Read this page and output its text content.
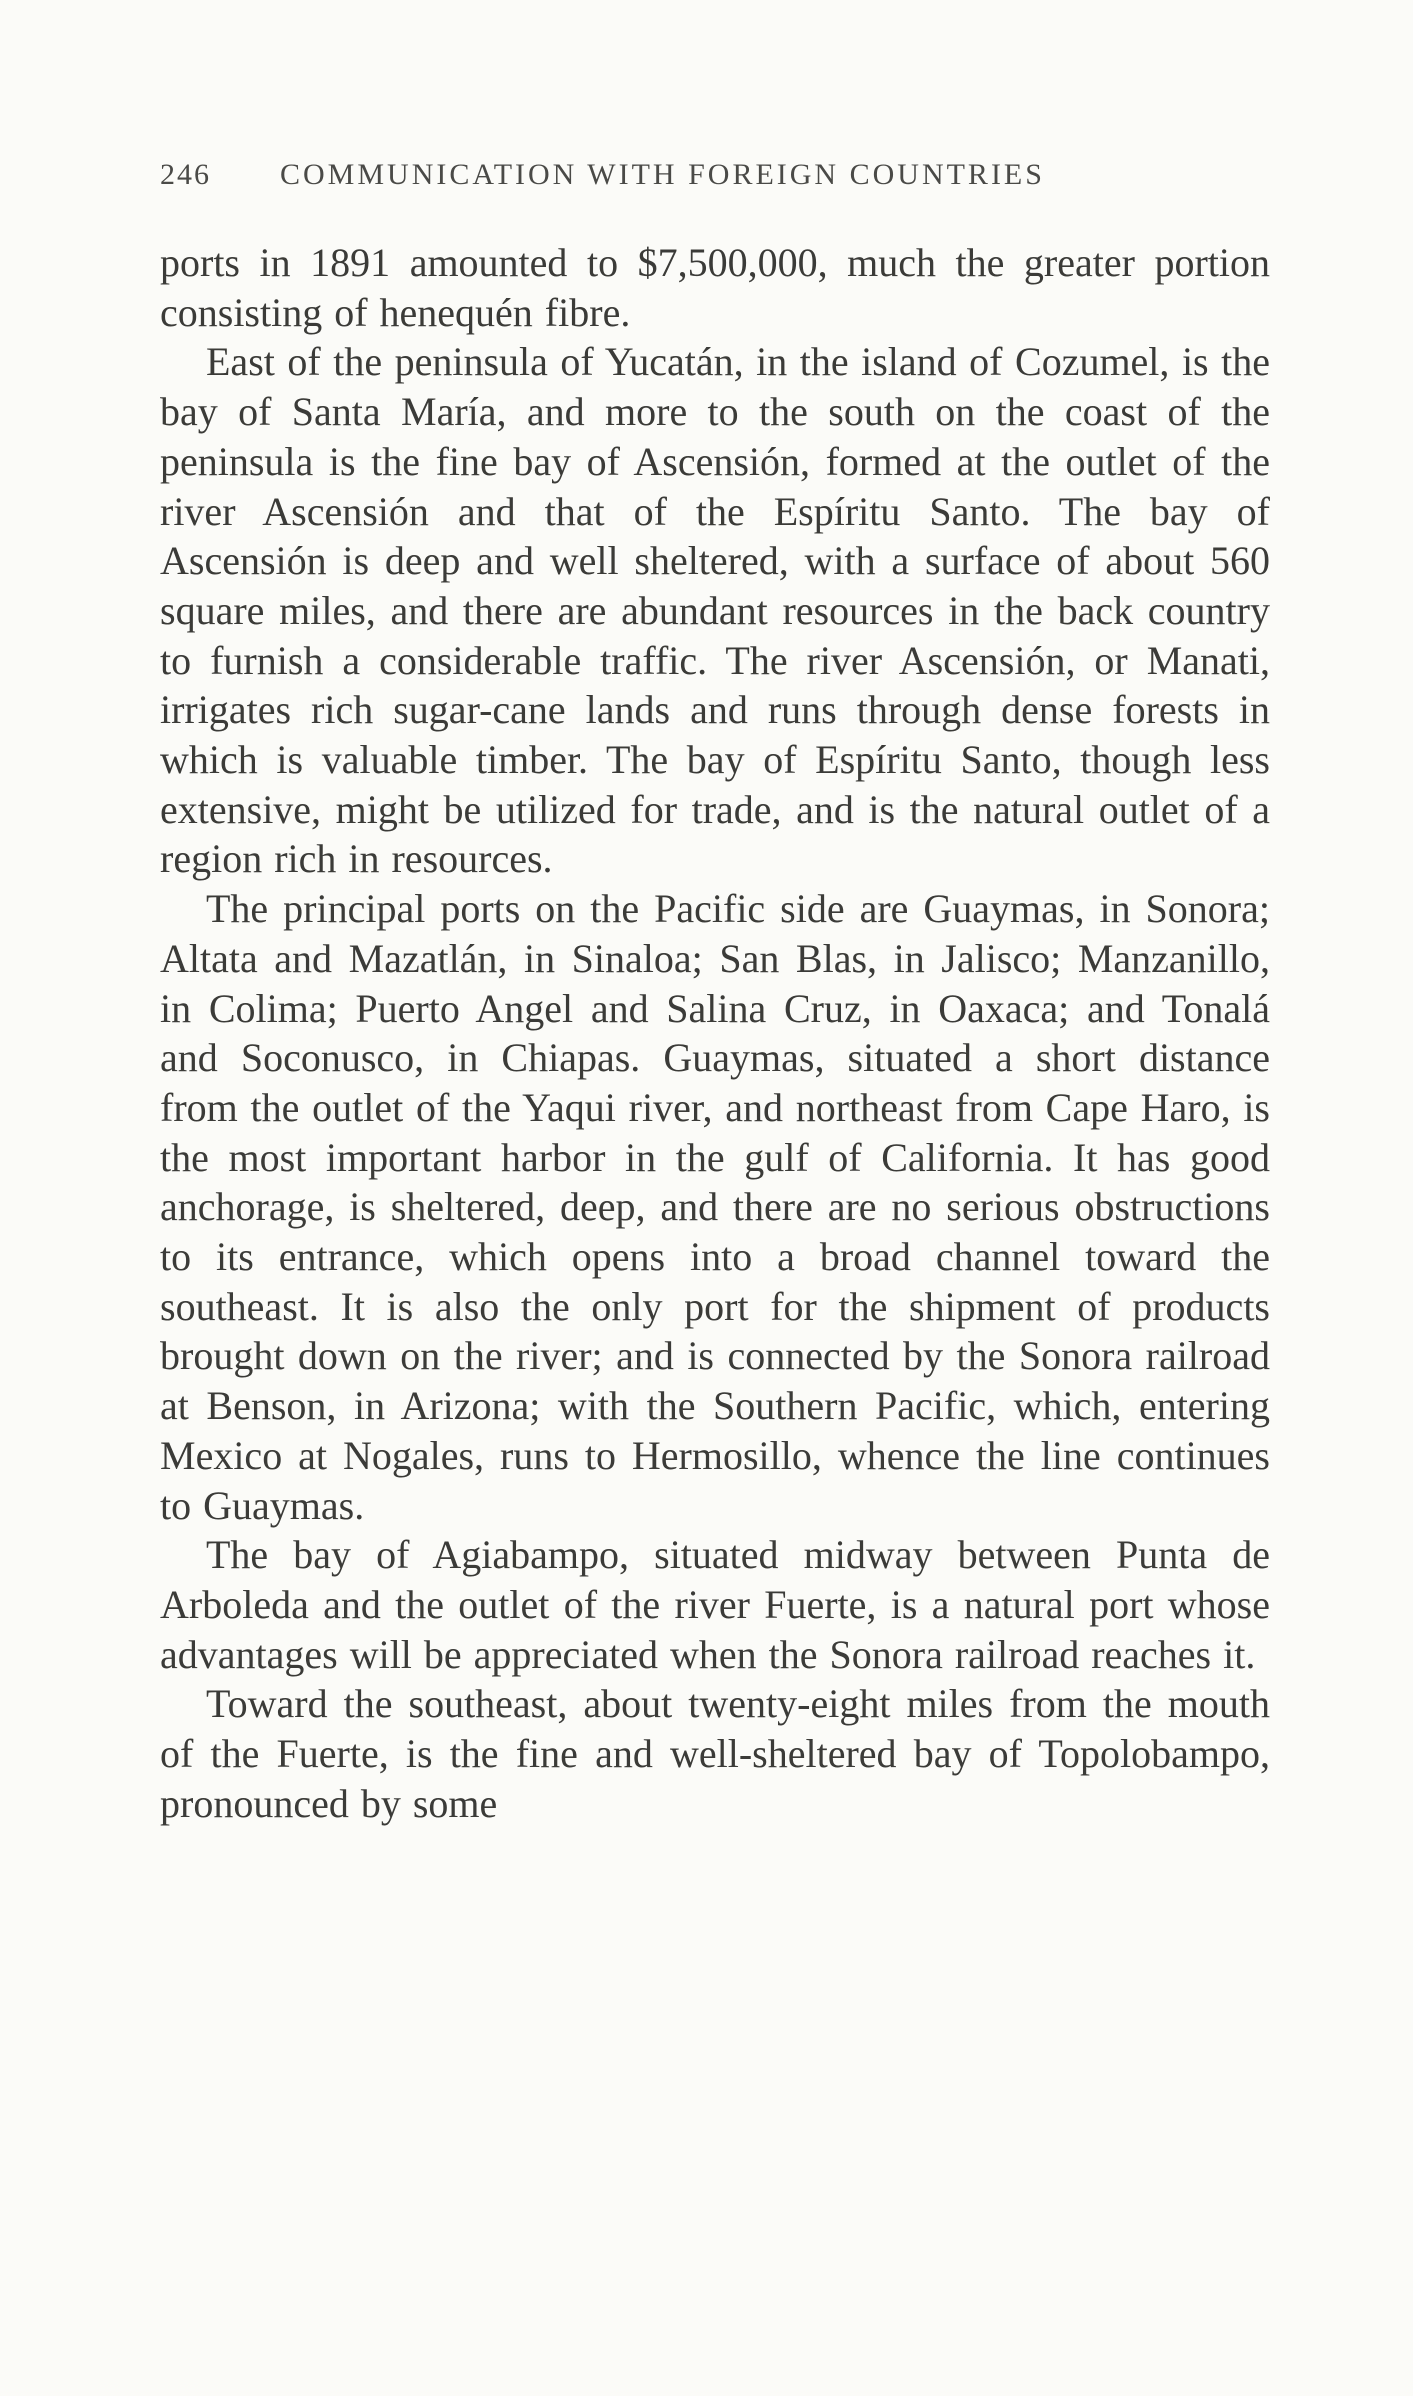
246	COMMUNICATION WITH FOREIGN COUNTRIES

ports in 1891 amounted to $7,500,000, much the greater portion consisting of henequén fibre.

East of the peninsula of Yucatán, in the island of Cozumel, is the bay of Santa María, and more to the south on the coast of the peninsula is the fine bay of Ascensión, formed at the outlet of the river Ascensión and that of the Espíritu Santo. The bay of Ascensión is deep and well sheltered, with a surface of about 560 square miles, and there are abundant resources in the back country to furnish a considerable traffic. The river Ascensión, or Manati, irrigates rich sugar-cane lands and runs through dense forests in which is valuable timber. The bay of Espíritu Santo, though less extensive, might be utilized for trade, and is the natural outlet of a region rich in resources.

The principal ports on the Pacific side are Guaymas, in Sonora; Altata and Mazatlán, in Sinaloa; San Blas, in Jalisco; Manzanillo, in Colima; Puerto Angel and Salina Cruz, in Oaxaca; and Tonalá and Soconusco, in Chiapas. Guaymas, situated a short distance from the outlet of the Yaqui river, and northeast from Cape Haro, is the most important harbor in the gulf of California. It has good anchorage, is sheltered, deep, and there are no serious obstructions to its entrance, which opens into a broad channel toward the southeast. It is also the only port for the shipment of products brought down on the river; and is connected by the Sonora railroad at Benson, in Arizona; with the Southern Pacific, which, entering Mexico at Nogales, runs to Hermosillo, whence the line continues to Guaymas.

The bay of Agiabampo, situated midway between Punta de Arboleda and the outlet of the river Fuerte, is a natural port whose advantages will be appreciated when the Sonora railroad reaches it.

Toward the southeast, about twenty-eight miles from the mouth of the Fuerte, is the fine and well-sheltered bay of Topolobampo, pronounced by some
